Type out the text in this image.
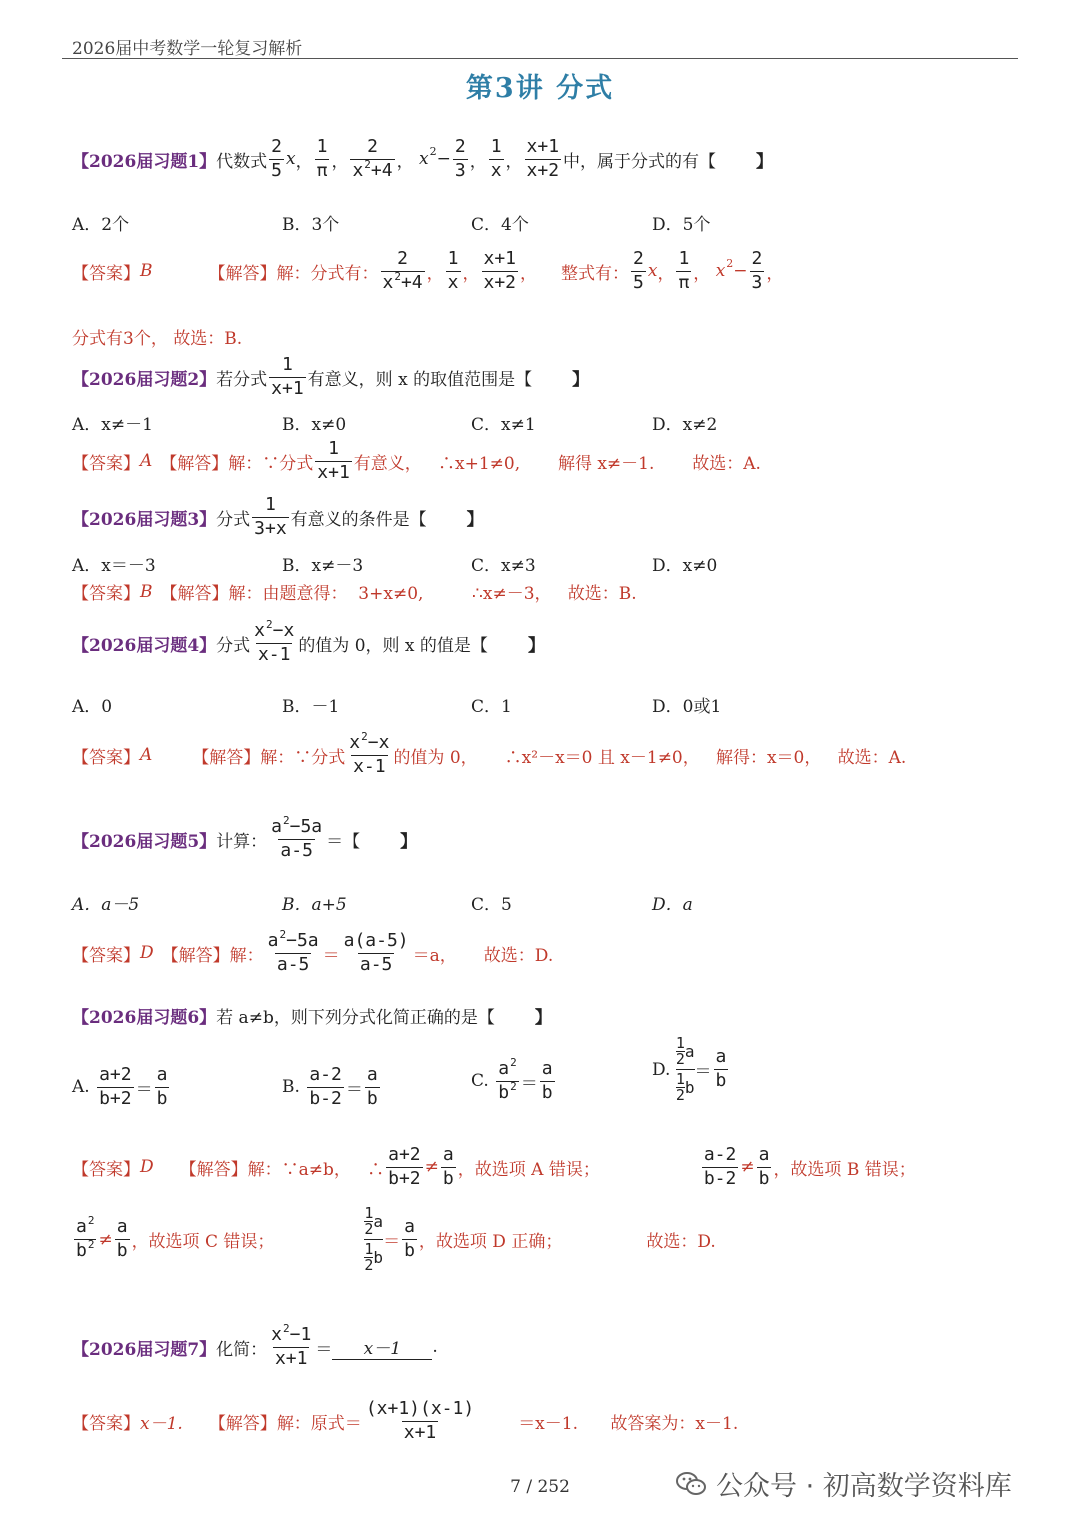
2026届中考数学一轮复习解析
第3讲 分式
【2026届习题1】 代数式 $\frac{2}{5}$ x ， $\frac{1}{\pi}$ ， $\frac{2}{x^2+4}$ ， x $2 - \frac{2}{3}$ ， $\frac{1}{x}$ ， $\frac{x+1}{x+2}$ 中，属于分式的有【 】
A．2个	B．3个	C．4个	D．5个
【答案】 B	【解答】 解：分式有： $\frac{2}{x^2+4}$ ， $\frac{1}{x}$ ， $\frac{x+1}{x+2}$ ， 整式有： $\frac{2}{5}$ x ， $\frac{1}{\pi}$ ， x $2 - \frac{2}{3}$ ，
分式有3个， 故选：B.
【2026届习题2】 若分式 $\frac{1}{x+1}$ 有意义，则 x 的取值范围是【 】
A．x≠－1	B．x≠0	C．x≠1	D．x≠2
【答案】 A 【解答】 解：∵分式 $\frac{1}{x+1}$ 有意义，   ∴x+1≠0,       解得 x≠－1.       故选：A.
【2026届习题3】 分式 $\frac{1}{3+x}$ 有意义的条件是【 】
A．x＝－3	B．x≠－3	C．x≠3	D．x≠0
【答案】 B 【解答】 解：由题意得：  3+x≠0,         ∴x≠－3，   故选：B.
【2026届习题4】 分式 $\frac{x^2-x}{x-1}$ 的值为 0，则 x 的值是【 】
A．0	B．－1	C．1	D．0或1
【答案】 A 【解答】 解：∵分式 $\frac{x^2-x}{x-1}$ 的值为 0，     ∴x²－x＝0 且 x－1≠0，   解得：x＝0，   故选：A.
【2026届习题5】 计算： $\frac{a^2-5a}{a-5}$ ＝【 】
A．a－5	B．a+5	C．5	D．a
【答案】 D 【解答】 解： $\frac{a^2-5a}{a-5} = \frac{a(a-5)}{a-5} =a$，     故选：D.
【2026届习题6】 若 a≠b，则下列分式化简正确的是【 】
A.
$\frac{a+2}{b+2} = \frac{a}{b}$	B.
$\frac{a-2}{b-2} = \frac{a}{b}$	C.
$\frac{a^2}{b^2} = \frac{a}{b}$	D.

1
2 a
1
2 b
＝ $\frac{a}{b}$
【答案】 D 【解答】 解：∵a≠b，   ∴ $\frac{a+2}{b+2} \ne \frac{a}{b}$ ，故选项 A 错误；	$\frac{a-2}{b-2} \ne \frac{a}{b}$ ，故选项 B 错误；
$\frac{a^2}{b^2} \ne \frac{a}{b}$ ，故选项 C 错误；
1
2 a
1
2 b
＝ $\frac{a}{b}$ ，故选项 D 正确；	故选：D.
【2026届习题7】 化简： $\frac{x^2-1}{x+1}$ ＝	x－1	.
【答案】 x－1. 【解答】 解：原式＝ $\frac{(x+1)(x-1)}{x+1} =x-1$.      故答案为：x－1.
7 / 252	公众号 · 初高数学资料库
